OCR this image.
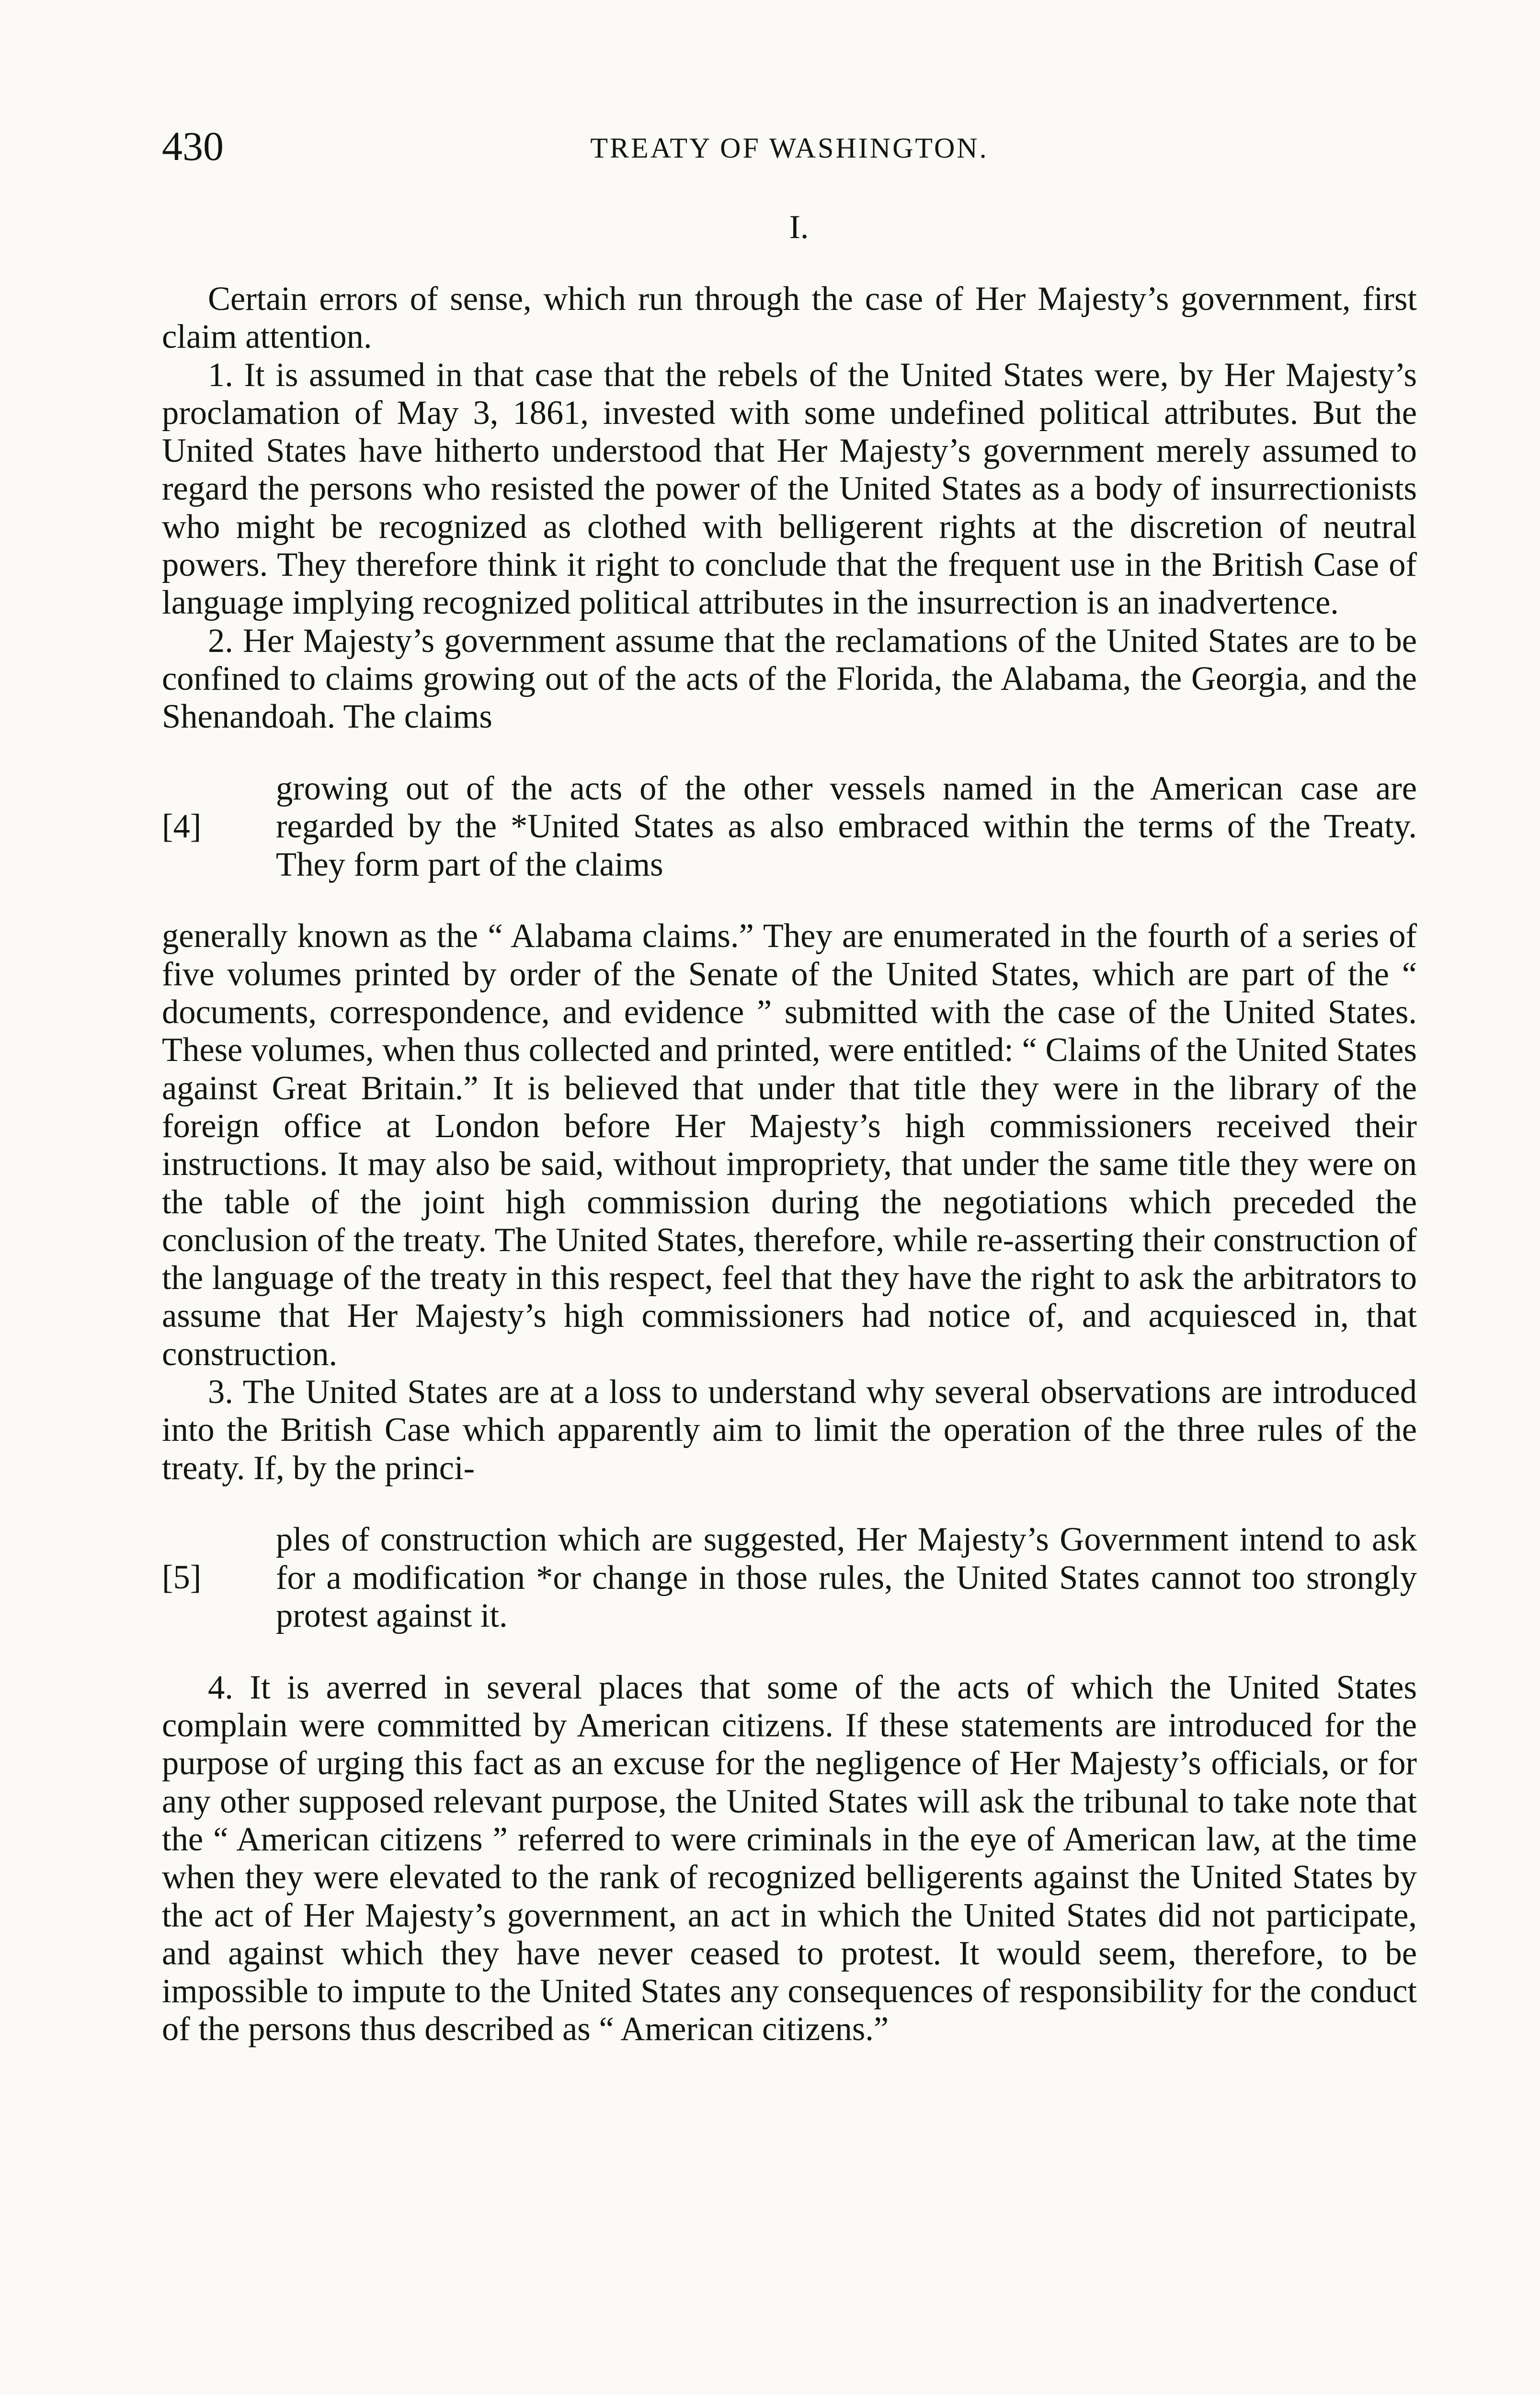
430	TREATY OF WASHINGTON.
I.

Certain errors of sense, which run through the case of Her Majesty’s government, first claim attention.

1. It is assumed in that case that the rebels of the United States were, by Her Majesty’s proclamation of May 3, 1861, invested with some undefined political attributes. But the United States have hitherto understood that Her Majesty’s government merely assumed to regard the persons who resisted the power of the United States as a body of insurrectionists who might be recognized as clothed with belligerent rights at the discretion of neutral powers. They therefore think it right to conclude that the frequent use in the British Case of language implying recognized political attributes in the insurrection is an inadvertence.

2. Her Majesty’s government assume that the reclamations of the United States are to be confined to claims growing out of the acts of the Florida, the Alabama, the Georgia, and the Shenandoah. The claims

[4]

growing out of the acts of the other vessels named in the American case are regarded by the *United States as also embraced within the terms of the Treaty. They form part of the claims

generally known as the “ Alabama claims.” They are enumerated in the fourth of a series of five volumes printed by order of the Senate of the United States, which are part of the “ documents, correspondence, and evidence ” submitted with the case of the United States. These volumes, when thus collected and printed, were entitled: “ Claims of the United States against Great Britain.” It is believed that under that title they were in the library of the foreign office at London before Her Majesty’s high commissioners received their instructions. It may also be said, without impropriety, that under the same title they were on the table of the joint high commission during the negotiations which preceded the conclusion of the treaty. The United States, therefore, while re-asserting their construction of the language of the treaty in this respect, feel that they have the right to ask the arbitrators to assume that Her Majesty’s high commissioners had notice of, and acquiesced in, that construction.

3. The United States are at a loss to understand why several observations are introduced into the British Case which apparently aim to limit the operation of the three rules of the treaty. If, by the princi-

[5]

ples of construction which are suggested, Her Majesty’s Government intend to ask for a modification *or change in those rules, the United States cannot too strongly protest against it.

4. It is averred in several places that some of the acts of which the United States complain were committed by American citizens. If these statements are introduced for the purpose of urging this fact as an excuse for the negligence of Her Majesty’s officials, or for any other supposed relevant purpose, the United States will ask the tribunal to take note that the “ American citizens ” referred to were criminals in the eye of American law, at the time when they were elevated to the rank of recognized belligerents against the United States by the act of Her Majesty’s government, an act in which the United States did not participate, and against which they have never ceased to protest. It would seem, therefore, to be impossible to impute to the United States any consequences of responsibility for the conduct of the persons thus described as “ American citizens.”
